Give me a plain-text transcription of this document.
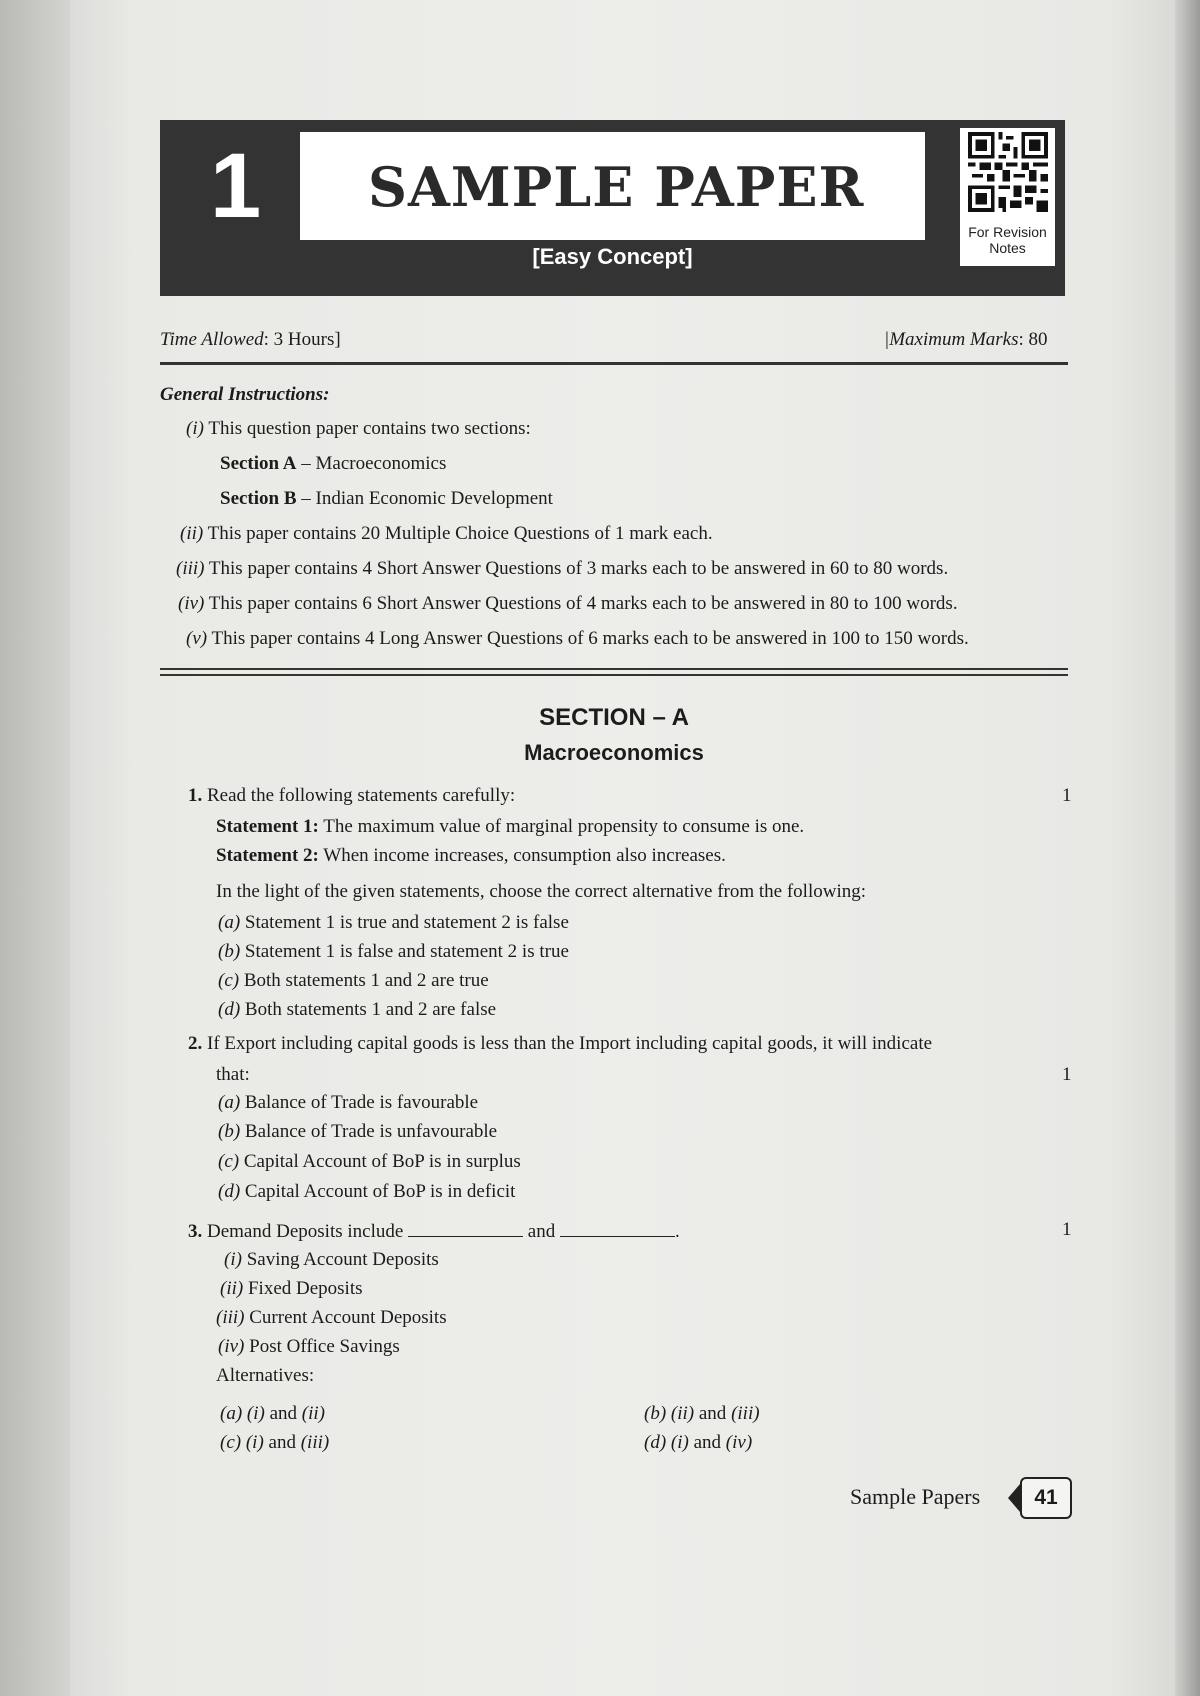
1
[Easy Concept]
For Revision Notes
SAMPLE PAPER
Time Allowed: 3 Hours]	|Maximum Marks: 80
General Instructions:
(i) This question paper contains two sections:
Section A – Macroeconomics
Section B – Indian Economic Development
(ii) This paper contains 20 Multiple Choice Questions of 1 mark each.
(iii) This paper contains 4 Short Answer Questions of 3 marks each to be answered in 60 to 80 words.
(iv) This paper contains 6 Short Answer Questions of 4 marks each to be answered in 80 to 100 words.
(v) This paper contains 4 Long Answer Questions of 6 marks each to be answered in 100 to 150 words.
SECTION – A
Macroeconomics
1. Read the following statements carefully:	1
Statement 1: The maximum value of marginal propensity to consume is one.
Statement 2: When income increases, consumption also increases.
In the light of the given statements, choose the correct alternative from the following:
(a) Statement 1 is true and statement 2 is false
(b) Statement 1 is false and statement 2 is true
(c) Both statements 1 and 2 are true
(d) Both statements 1 and 2 are false
2. If Export including capital goods is less than the Import including capital goods, it will indicate
that:	1
(a) Balance of Trade is favourable
(b) Balance of Trade is unfavourable
(c) Capital Account of BoP is in surplus
(d) Capital Account of BoP is in deficit
3. Demand Deposits include	and	.	1
(i) Saving Account Deposits
(ii) Fixed Deposits
(iii) Current Account Deposits
(iv) Post Office Savings
Alternatives:
(a) (i) and (ii)	(b) (ii) and (iii)
(c) (i) and (iii)	(d) (i) and (iv)
Sample Papers	41
